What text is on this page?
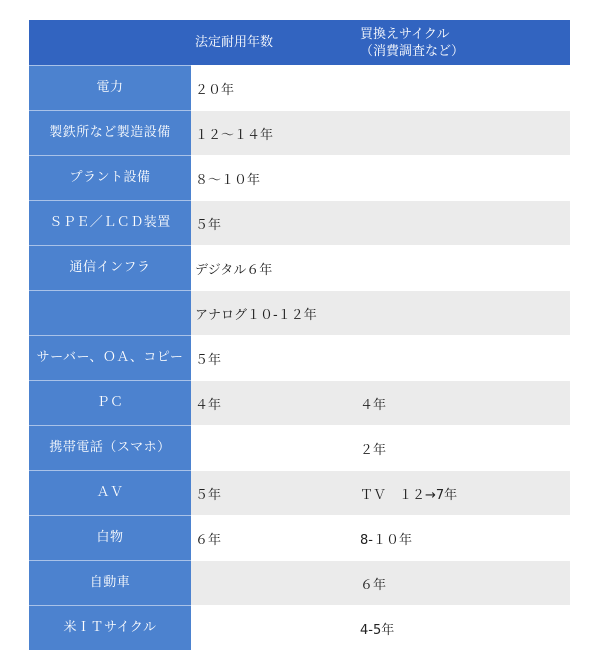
	法定耐用年数	買換えサイクル
（消費調査など）

電力	２０年	
製鉄所など製造設備	１２〜１４年	
プラント設備	８〜１０年	
ＳＰＥ／ＬＣＤ装置	５年	
通信インフラ	デジタル６年	
	アナログ１０-１２年	
サーバー、ＯＡ、コピー	５年	
ＰＣ	４年	４年
携帯電話（スマホ）		２年
ＡＶ	５年	ＴＶ　１２→7年
白物	６年	8-１０年
自動車		６年
米ＩＴサイクル		4-5年
